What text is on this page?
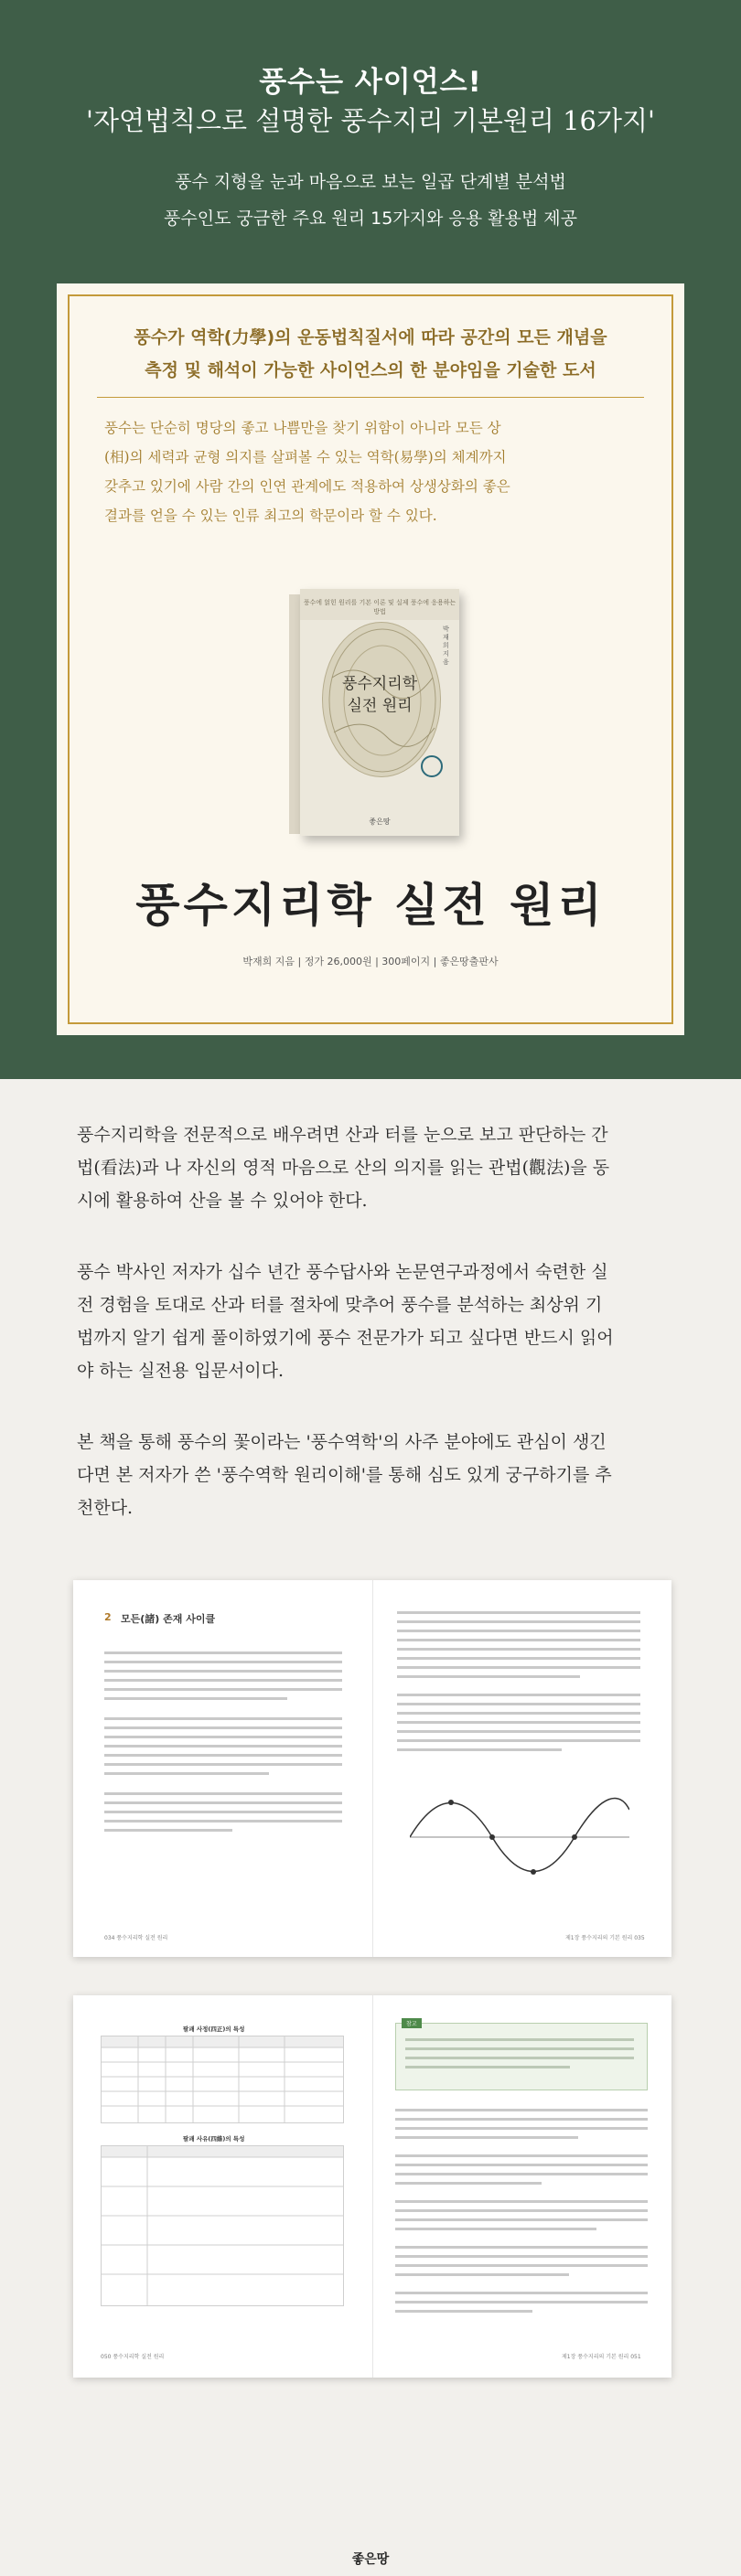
풍수는 사이언스!
'자연법칙으로 설명한 풍수지리 기본원리 16가지'
풍수 지형을 눈과 마음으로 보는 일곱 단계별 분석법
풍수인도 궁금한 주요 원리 15가지와 응용 활용법 제공
풍수가 역학(力學)의 운동법칙질서에 따라 공간의 모든 개념을
측정 및 해석이 가능한 사이언스의 한 분야임을 기술한 도서
풍수는 단순히 명당의 좋고 나쁨만을 찾기 위함이 아니라 모든 상
(相)의 세력과 균형 의지를 살펴볼 수 있는 역학(易學)의 체계까지
갖추고 있기에 사람 간의 인연 관계에도 적용하여 상생상화의 좋은
결과를 얻을 수 있는 인류 최고의 학문이라 할 수 있다.
풍수에 얽힌 원리를 기본 이론 및 실제 풍수에 응용하는 방법
풍수지리학
실전 원리
박재희 지음
좋은땅
풍수지리학 실전 원리
박재희 지음 | 정가 26,000원 | 300페이지 | 좋은땅출판사
풍수지리학을 전문적으로 배우려면 산과 터를 눈으로 보고 판단하는 간
법(看法)과 나 자신의 영적 마음으로 산의 의지를 읽는 관법(觀法)을 동
시에 활용하여 산을 볼 수 있어야 한다.
풍수 박사인 저자가 십수 년간 풍수답사와 논문연구과정에서 숙련한 실
전 경험을 토대로 산과 터를 절차에 맞추어 풍수를 분석하는 최상위 기
법까지 알기 쉽게 풀이하였기에 풍수 전문가가 되고 싶다면 반드시 읽어
야 하는 실전용 입문서이다.
본 책을 통해 풍수의 꽃이라는 '풍수역학'의 사주 분야에도 관심이 생긴
다면 본 저자가 쓴 '풍수역학 원리이해'를 통해 심도 있게 궁구하기를 추
천한다.
2 모든(諸) 존재 사이클
034 풍수지리학 실전 원리	제1장 풍수지리의 기본 원리 035
팔괘 사정(四正)의 특성
팔괘 사유(四維)의 특성
050 풍수지리학 실전 원리
참고
제1장 풍수지리의 기본 원리 051
좋은땅
